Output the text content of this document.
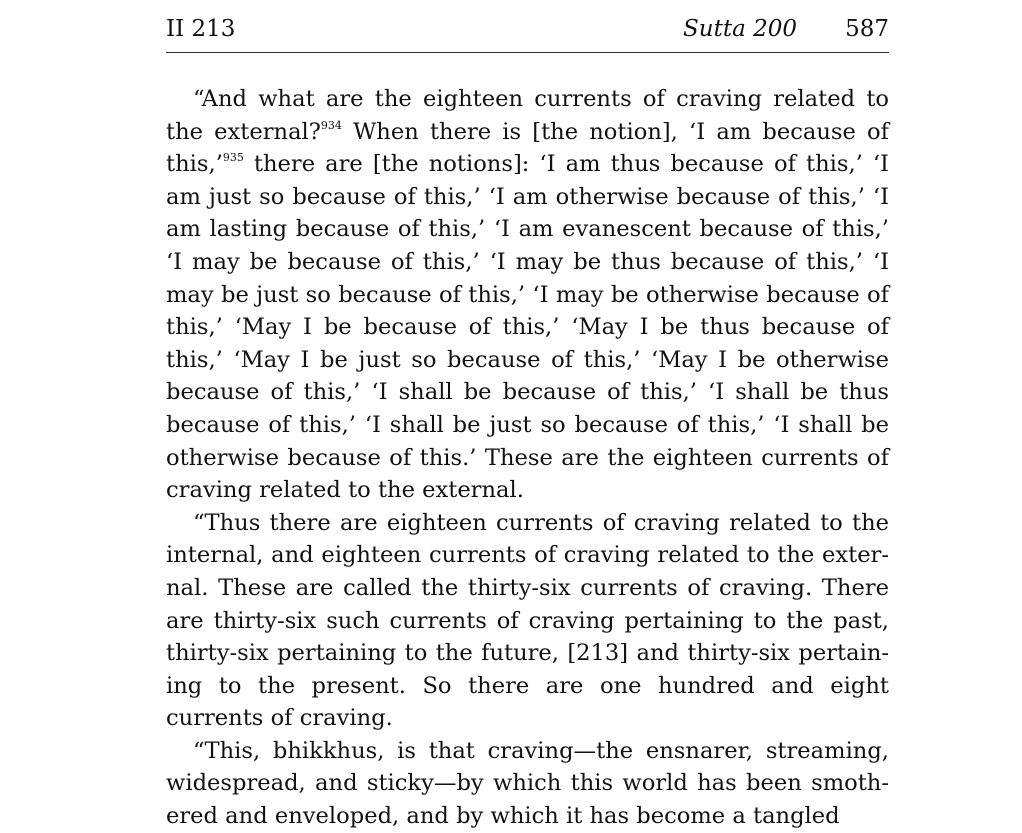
II 213	Sutta 200 587

“And what are the eighteen currents of craving related to the external?$^{934}$ When there is [the notion], ‘I am because of this,’$^{935}$ there are [the notions]: ‘I am thus because of this,’ ‘I am just so because of this,’ ‘I am otherwise because of this,’ ‘I am lasting because of this,’ ‘I am evanescent because of this,’ ‘I may be because of this,’ ‘I may be thus because of this,’ ‘I may be just so because of this,’ ‘I may be otherwise because of this,’ ‘May I be because of this,’ ‘May I be thus because of this,’ ‘May I be just so because of this,’ ‘May I be otherwise because of this,’ ‘I shall be because of this,’ ‘I shall be thus because of this,’ ‘I shall be just so because of this,’ ‘I shall be otherwise because of this.’ These are the eighteen currents of craving related to the external.

“Thus there are eighteen currents of craving related to the internal, and eighteen currents of craving related to the exter-nal. These are called the thirty-six currents of craving. There are thirty-six such currents of craving pertaining to the past, thirty-six pertaining to the future, [213] and thirty-six pertain-ing to the present. So there are one hundred and eight currents of craving.

“This, bhikkhus, is that craving—the ensnarer, streaming, widespread, and sticky—by which this world has been smoth-ered and enveloped, and by which it has become a tangled
